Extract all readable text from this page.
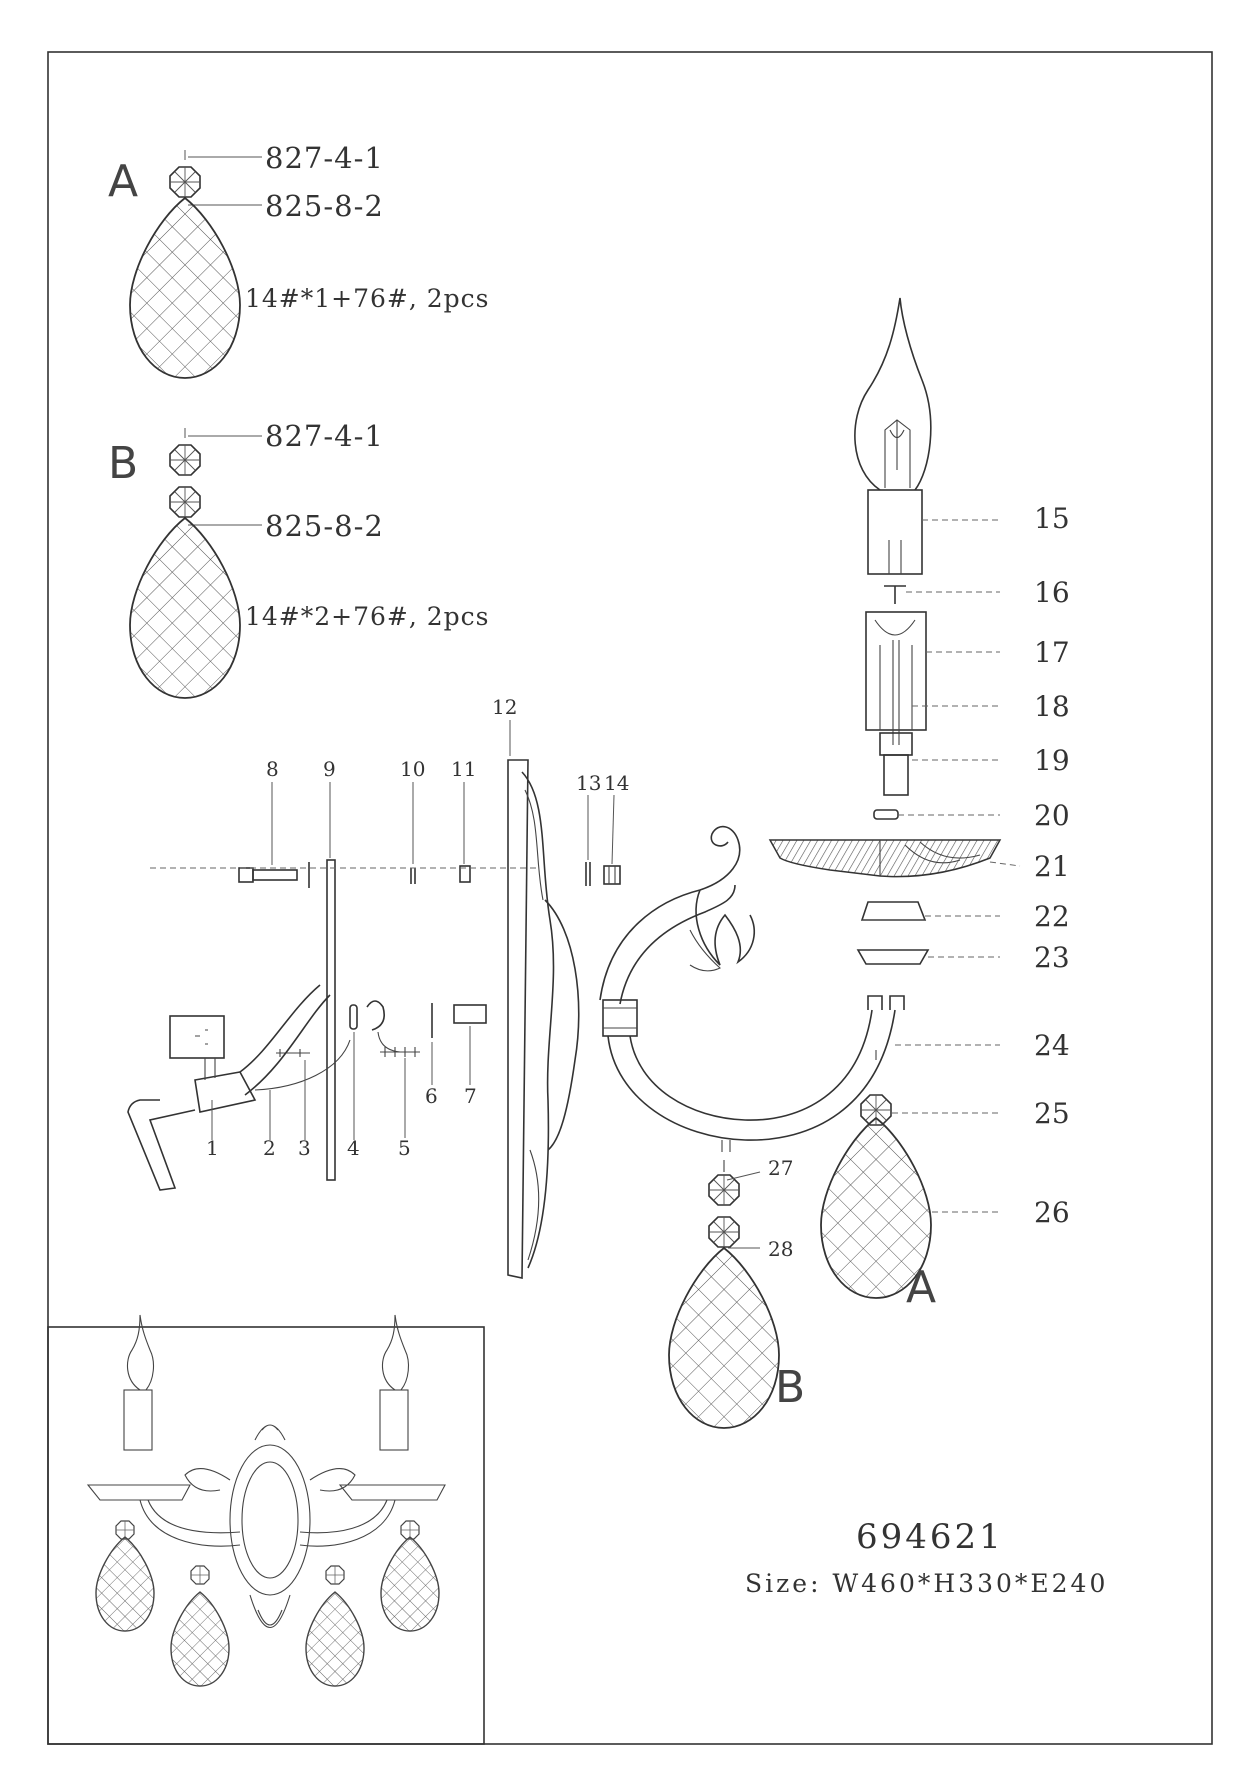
A	827-4-1
825-8-2
14#*1+76#, 2pcs
B
827-4-1
825-8-2
14#*2+76#, 2pcs
1 2 3 4 5
6 7
8 9	10 11
12
13 14
15
16
17
18
19
20
21
22
23
24
25
26
27
28
A
B
694621
Size: W460*H330*E240
